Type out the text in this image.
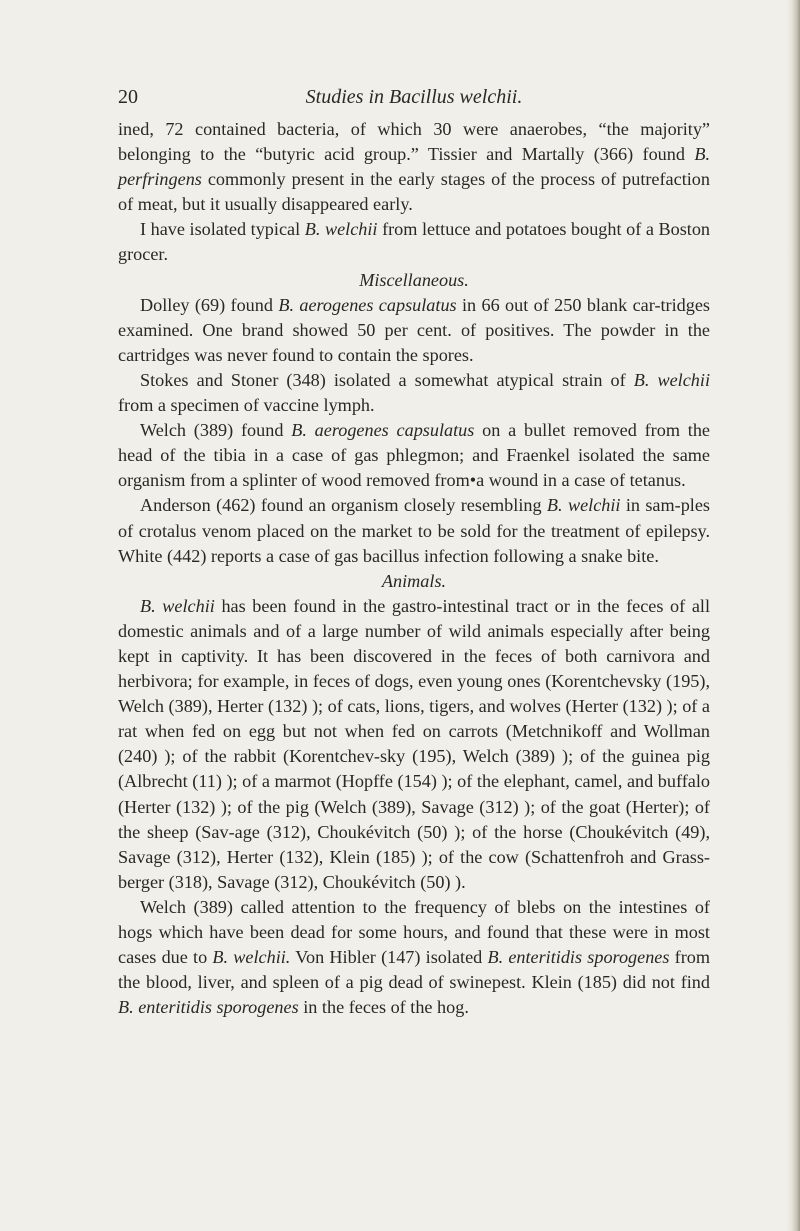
20	Studies in Bacillus welchii.

ined, 72 contained bacteria, of which 30 were anaerobes, “the majority” belonging to the “butyric acid group.” Tissier and Martally (366) found B. perfringens commonly present in the early stages of the process of putrefaction of meat, but it usually disappeared early.

I have isolated typical B. welchii from lettuce and potatoes bought of a Boston grocer.

Miscellaneous.

Dolley (69) found B. aerogenes capsulatus in 66 out of 250 blank car-tridges examined. One brand showed 50 per cent. of positives. The powder in the cartridges was never found to contain the spores.

Stokes and Stoner (348) isolated a somewhat atypical strain of B. welchii from a specimen of vaccine lymph.

Welch (389) found B. aerogenes capsulatus on a bullet removed from the head of the tibia in a case of gas phlegmon; and Fraenkel isolated the same organism from a splinter of wood removed from•a wound in a case of tetanus.

Anderson (462) found an organism closely resembling B. welchii in sam-ples of crotalus venom placed on the market to be sold for the treatment of epilepsy. White (442) reports a case of gas bacillus infection following a snake bite.

Animals.

B. welchii has been found in the gastro-intestinal tract or in the feces of all domestic animals and of a large number of wild animals especially after being kept in captivity. It has been discovered in the feces of both carnivora and herbivora; for example, in feces of dogs, even young ones (Korentchevsky (195), Welch (389), Herter (132) ); of cats, lions, tigers, and wolves (Herter (132) ); of a rat when fed on egg but not when fed on carrots (Metchnikoff and Wollman (240) ); of the rabbit (Korentchev-sky (195), Welch (389) ); of the guinea pig (Albrecht (11) ); of a marmot (Hopffe (154) ); of the elephant, camel, and buffalo (Herter (132) ); of the pig (Welch (389), Savage (312) ); of the goat (Herter); of the sheep (Sav-age (312), Choukévitch (50) ); of the horse (Choukévitch (49), Savage (312), Herter (132), Klein (185) ); of the cow (Schattenfroh and Grass-berger (318), Savage (312), Choukévitch (50) ).

Welch (389) called attention to the frequency of blebs on the intestines of hogs which have been dead for some hours, and found that these were in most cases due to B. welchii. Von Hibler (147) isolated B. enteritidis sporogenes from the blood, liver, and spleen of a pig dead of swinepest. Klein (185) did not find B. enteritidis sporogenes in the feces of the hog.
